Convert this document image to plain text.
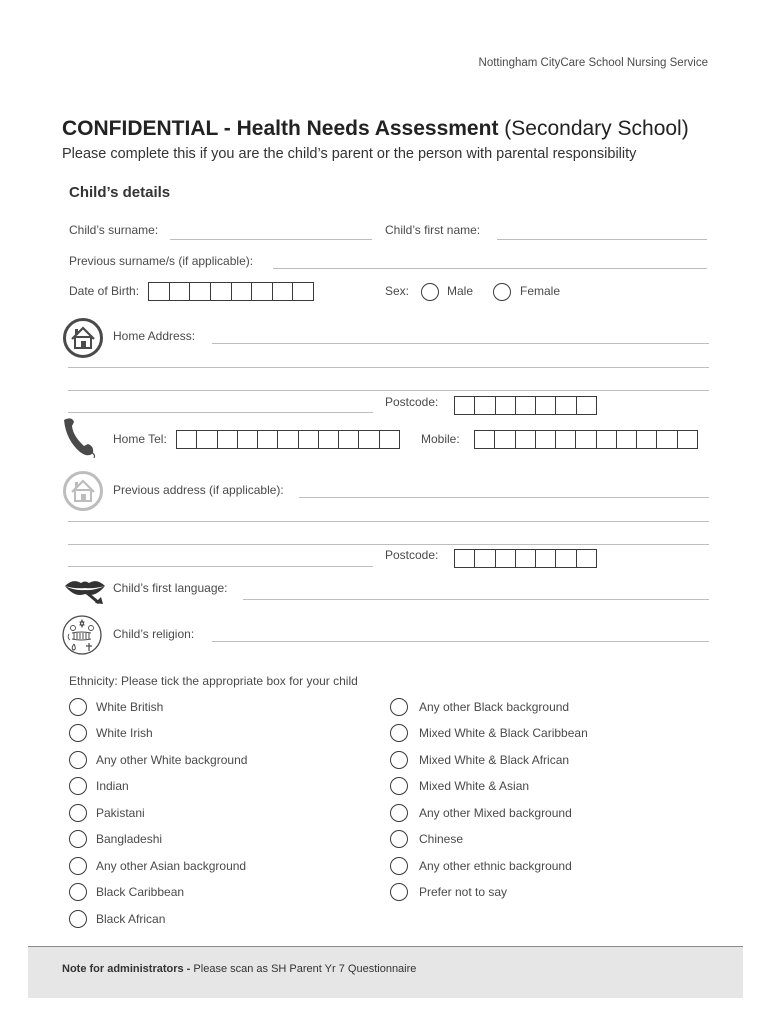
Nottingham CityCare School Nursing Service
CONFIDENTIAL - Health Needs Assessment (Secondary School)
Please complete this if you are the child’s parent or the person with parental responsibility
Child’s details
Child’s surname:	Child’s first name:
Previous surname/s (if applicable):
Date of Birth:	Sex:	Male	Female
Home Address:
Postcode:
Home Tel:	Mobile:
Previous address (if applicable):
Postcode:
Child’s first language:
Child’s religion:
Ethnicity: Please tick the appropriate box for your child
White British
White Irish
Any other White background
Indian
Pakistani
Bangladeshi
Any other Asian background
Black Caribbean
Black African
Any other Black background
Mixed White & Black Caribbean
Mixed White & Black African
Mixed White & Asian
Any other Mixed background
Chinese
Any other ethnic background
Prefer not to say
Note for administrators - Please scan as SH Parent Yr 7 Questionnaire
